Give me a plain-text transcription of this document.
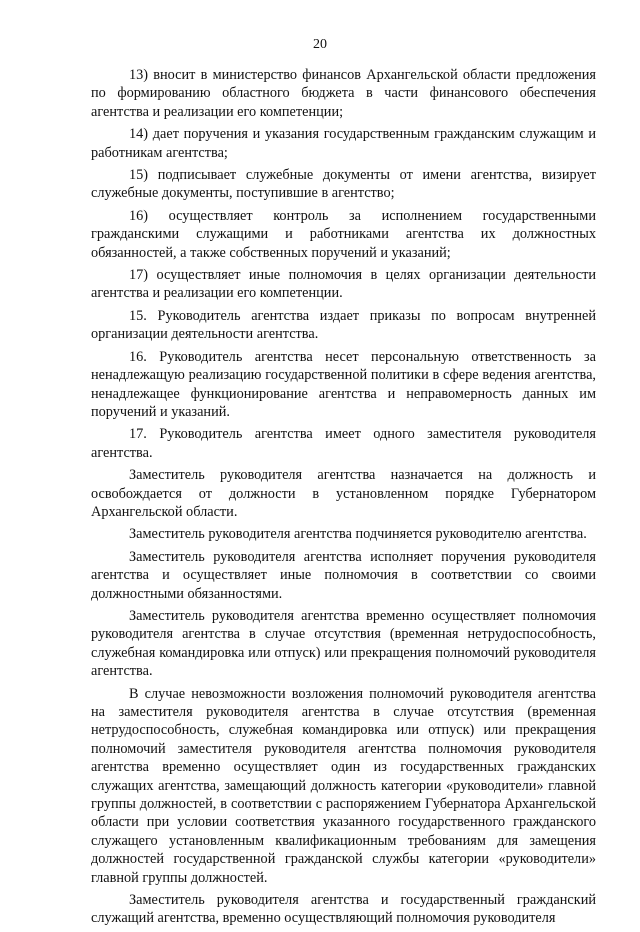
20

13) вносит в министерство финансов Архангельской области предложения по формированию областного бюджета в части финансового обеспечения агентства и реализации его компетенции;

14) дает поручения и указания государственным гражданским служащим и работникам агентства;

15) подписывает служебные документы от имени агентства, визирует служебные документы, поступившие в агентство;

16) осуществляет контроль за исполнением государственными гражданскими служащими и работниками агентства их должностных обязанностей, а также собственных поручений и указаний;

17) осуществляет иные полномочия в целях организации деятельности агентства и реализации его компетенции.

15. Руководитель агентства издает приказы по вопросам внутренней организации деятельности агентства.

16. Руководитель агентства несет персональную ответственность за ненадлежащую реализацию государственной политики в сфере ведения агентства, ненадлежащее функционирование агентства и неправомерность данных им поручений и указаний.

17. Руководитель агентства имеет одного заместителя руководителя агентства.

Заместитель руководителя агентства назначается на должность и освобождается от должности в установленном порядке Губернатором Архангельской области.

Заместитель руководителя агентства подчиняется руководителю агентства.

Заместитель руководителя агентства исполняет поручения руководителя агентства и осуществляет иные полномочия в соответствии со своими должностными обязанностями.

Заместитель руководителя агентства временно осуществляет полномочия руководителя агентства в случае отсутствия (временная нетрудоспособность, служебная командировка или отпуск) или прекращения полномочий руководителя агентства.

В случае невозможности возложения полномочий руководителя агентства на заместителя руководителя агентства в случае отсутствия (временная нетрудоспособность, служебная командировка или отпуск) или прекращения полномочий заместителя руководителя агентства полномочия руководителя агентства временно осуществляет один из государственных гражданских служащих агентства, замещающий должность категории «руководители» главной группы должностей, в соответствии с распоряжением Губернатора Архангельской области при условии соответствия указанного государственного гражданского служащего установленным квалификационным требованиям для замещения должностей государственной гражданской службы категории «руководители» главной группы должностей.

Заместитель руководителя агентства и государственный гражданский служащий агентства, временно осуществляющий полномочия руководителя
